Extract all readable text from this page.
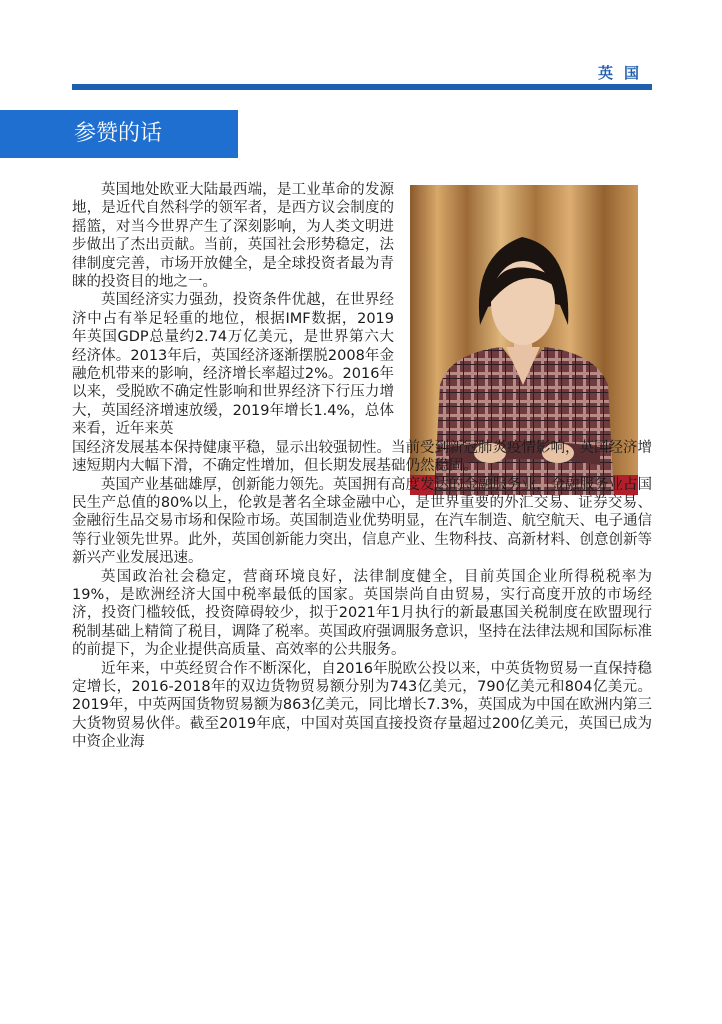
英国
参赞的话

英国地处欧亚大陆最西端，是工业革命的发源地，是近代自然科学的领军者，是西方议会制度的摇篮，对当今世界产生了深刻影响，为人类文明进步做出了杰出贡献。当前，英国社会形势稳定，法律制度完善，市场开放健全，是全球投资者最为青睐的投资目的地之一。

英国经济实力强劲，投资条件优越，在世界经济中占有举足轻重的地位，根据IMF数据，2019年英国GDP总量约2.74万亿美元，是世界第六大经济体。2013年后，英国经济逐渐摆脱2008年金融危机带来的影响，经济增长率超过2%。2016年以来，受脱欧不确定性影响和世界经济下行压力增大，英国经济增速放缓，2019年增长1.4%，总体来看，近年来英

国经济发展基本保持健康平稳，显示出较强韧性。当前受到新冠肺炎疫情影响，英国经济增速短期内大幅下滑，不确定性增加，但长期发展基础仍然稳固。

英国产业基础雄厚，创新能力领先。英国拥有高度发达的金融服务业，金融服务业占国民生产总值的80%以上，伦敦是著名全球金融中心，是世界重要的外汇交易、证券交易、金融衍生品交易市场和保险市场。英国制造业优势明显，在汽车制造、航空航天、电子通信等行业领先世界。此外，英国创新能力突出，信息产业、生物科技、高新材料、创意创新等新兴产业发展迅速。

英国政治社会稳定，营商环境良好，法律制度健全，目前英国企业所得税税率为19%，是欧洲经济大国中税率最低的国家。英国崇尚自由贸易，实行高度开放的市场经济，投资门槛较低，投资障碍较少，拟于2021年1月执行的新最惠国关税制度在欧盟现行税制基础上精简了税目，调降了税率。英国政府强调服务意识，坚持在法律法规和国际标准的前提下，为企业提供高质量、高效率的公共服务。

近年来，中英经贸合作不断深化，自2016年脱欧公投以来，中英货物贸易一直保持稳定增长，2016-2018年的双边货物贸易额分别为743亿美元，790亿美元和804亿美元。2019年，中英两国货物贸易额为863亿美元，同比增长7.3%，英国成为中国在欧洲内第三大货物贸易伙伴。截至2019年底，中国对英国直接投资存量超过200亿美元，英国已成为中资企业海
